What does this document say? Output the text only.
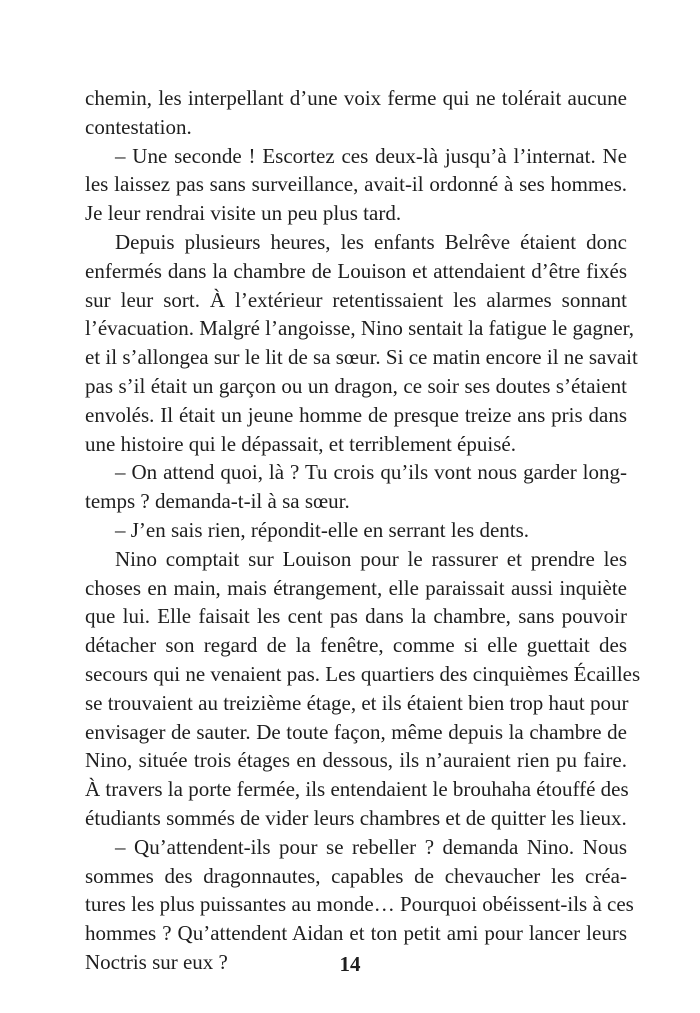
chemin, les interpellant d’une voix ferme qui ne tolérait aucune
contestation.
– Une seconde ! Escortez ces deux-là jusqu’à l’internat. Ne
les laissez pas sans surveillance, avait-il ordonné à ses hommes.
Je leur rendrai visite un peu plus tard.
Depuis plusieurs heures, les enfants Belrêve étaient donc
enfermés dans la chambre de Louison et attendaient d’être fixés
sur leur sort. À l’extérieur retentissaient les alarmes sonnant
l’évacuation. Malgré l’angoisse, Nino sentait la fatigue le gagner,
et il s’allongea sur le lit de sa sœur. Si ce matin encore il ne savait
pas s’il était un garçon ou un dragon, ce soir ses doutes s’étaient
envolés. Il était un jeune homme de presque treize ans pris dans
une histoire qui le dépassait, et terriblement épuisé.
– On attend quoi, là ? Tu crois qu’ils vont nous garder long-
temps ? demanda-t-il à sa sœur.
– J’en sais rien, répondit-elle en serrant les dents.
Nino comptait sur Louison pour le rassurer et prendre les
choses en main, mais étrangement, elle paraissait aussi inquiète
que lui. Elle faisait les cent pas dans la chambre, sans pouvoir
détacher son regard de la fenêtre, comme si elle guettait des
secours qui ne venaient pas. Les quartiers des cinquièmes Écailles
se trouvaient au treizième étage, et ils étaient bien trop haut pour
envisager de sauter. De toute façon, même depuis la chambre de
Nino, située trois étages en dessous, ils n’auraient rien pu faire.
À travers la porte fermée, ils entendaient le brouhaha étouffé des
étudiants sommés de vider leurs chambres et de quitter les lieux.
– Qu’attendent-ils pour se rebeller ? demanda Nino. Nous
sommes des dragonnautes, capables de chevaucher les créa-
tures les plus puissantes au monde… Pourquoi obéissent-ils à ces
hommes ? Qu’attendent Aidan et ton petit ami pour lancer leurs
Noctris sur eux ?	14
